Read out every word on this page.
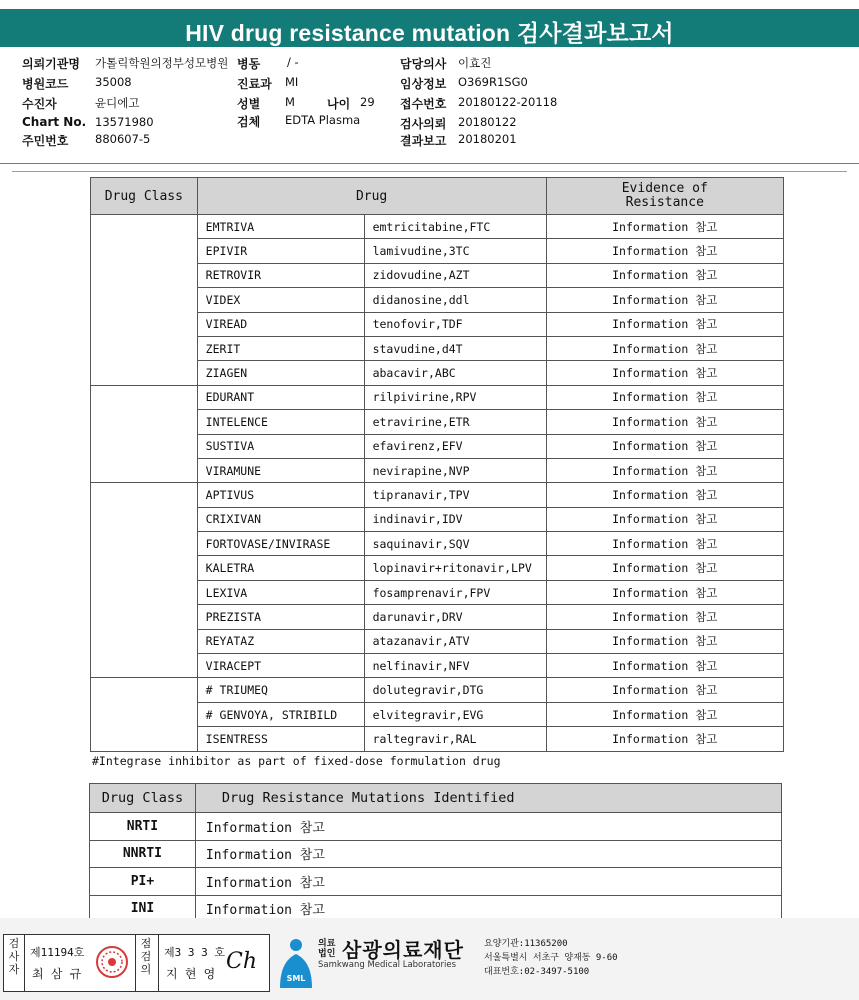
HIV drug resistance mutation 검사결과보고서
의뢰기관명 가톨릭학원의정부성모병원 병동 / -	담당의사 이효진
병원코드 35008	진료과 MI	임상정보 O369R1SG0
수진자	윤디에고	성별 M	나이 29 접수번호 20180122-20118
Chart No. 13571980	검체 EDTA Plasma	검사의뢰 20180122
주민번호 880607-5	결과보고 20180201
Drug Class	Drug		Evidence of Resistance
	EMTRIVA	emtricitabine,FTC	Information 참고
	EPIVIR	lamivudine,3TC	Information 참고
	RETROVIR	zidovudine,AZT	Information 참고
	VIDEX	didanosine,ddl	Information 참고
	VIREAD	tenofovir,TDF	Information 참고
	ZERIT	stavudine,d4T	Information 참고
	ZIAGEN	abacavir,ABC	Information 참고
	EDURANT	rilpivirine,RPV	Information 참고
	INTELENCE	etravirine,ETR	Information 참고
	SUSTIVA	efavirenz,EFV	Information 참고
	VIRAMUNE	nevirapine,NVP	Information 참고
	APTIVUS	tipranavir,TPV	Information 참고
	CRIXIVAN	indinavir,IDV	Information 참고
	FORTOVASE/INVIRASE	saquinavir,SQV	Information 참고
	KALETRA	lopinavir+ritonavir,LPV	Information 참고
	LEXIVA	fosamprenavir,FPV	Information 참고
	PREZISTA	darunavir,DRV	Information 참고
	REYATAZ	atazanavir,ATV	Information 참고
	VIRACEPT	nelfinavir,NFV	Information 참고
	# TRIUMEQ	dolutegravir,DTG	Information 참고
	# GENVOYA, STRIBILD	elvitegravir,EVG	Information 참고
	ISENTRESS	raltegravir,RAL	Information 참고
#Integrase inhibitor as part of fixed-dose formulation drug
Drug Class	Drug Resistance Mutations Identified
NRTI	Information 참고
NNRTI	Information 참고
PI+	Information 참고
INI	Information 참고
검
사
자
제11194호
최 삼 규
점
검
의
제3 3 3 호
지 현 영 Ch
SML
의료법인 삼광의료재단
Samkwang Medical Laboratories
요양기관:11365200
서울특별시 서초구 양재동 9-60
대표번호:02-3497-5100
